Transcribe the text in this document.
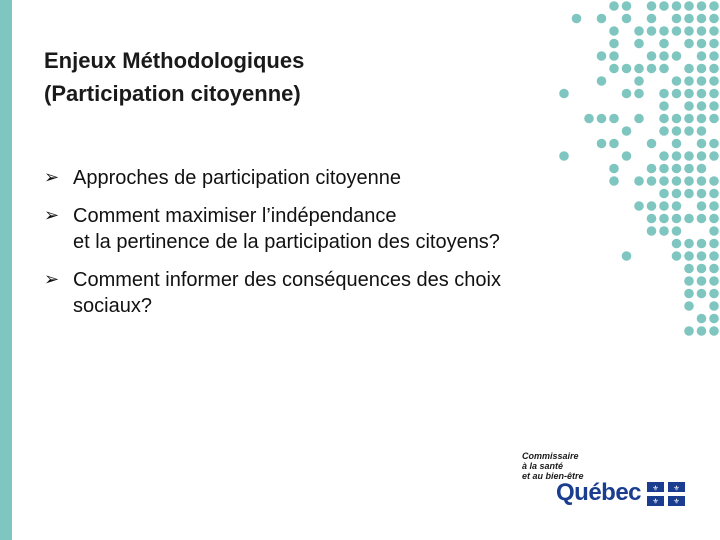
Enjeux Méthodologiques
(Participation citoyenne)
➢ Approches de participation citoyenne
➢ Comment maximiser l’indépendance
et la pertinence de la participation des citoyens?
➢ Comment informer des conséquences des choix
sociaux?
Commissaire
à la santé
et au bien-être
Québec ⚜ ⚜
⚜ ⚜
